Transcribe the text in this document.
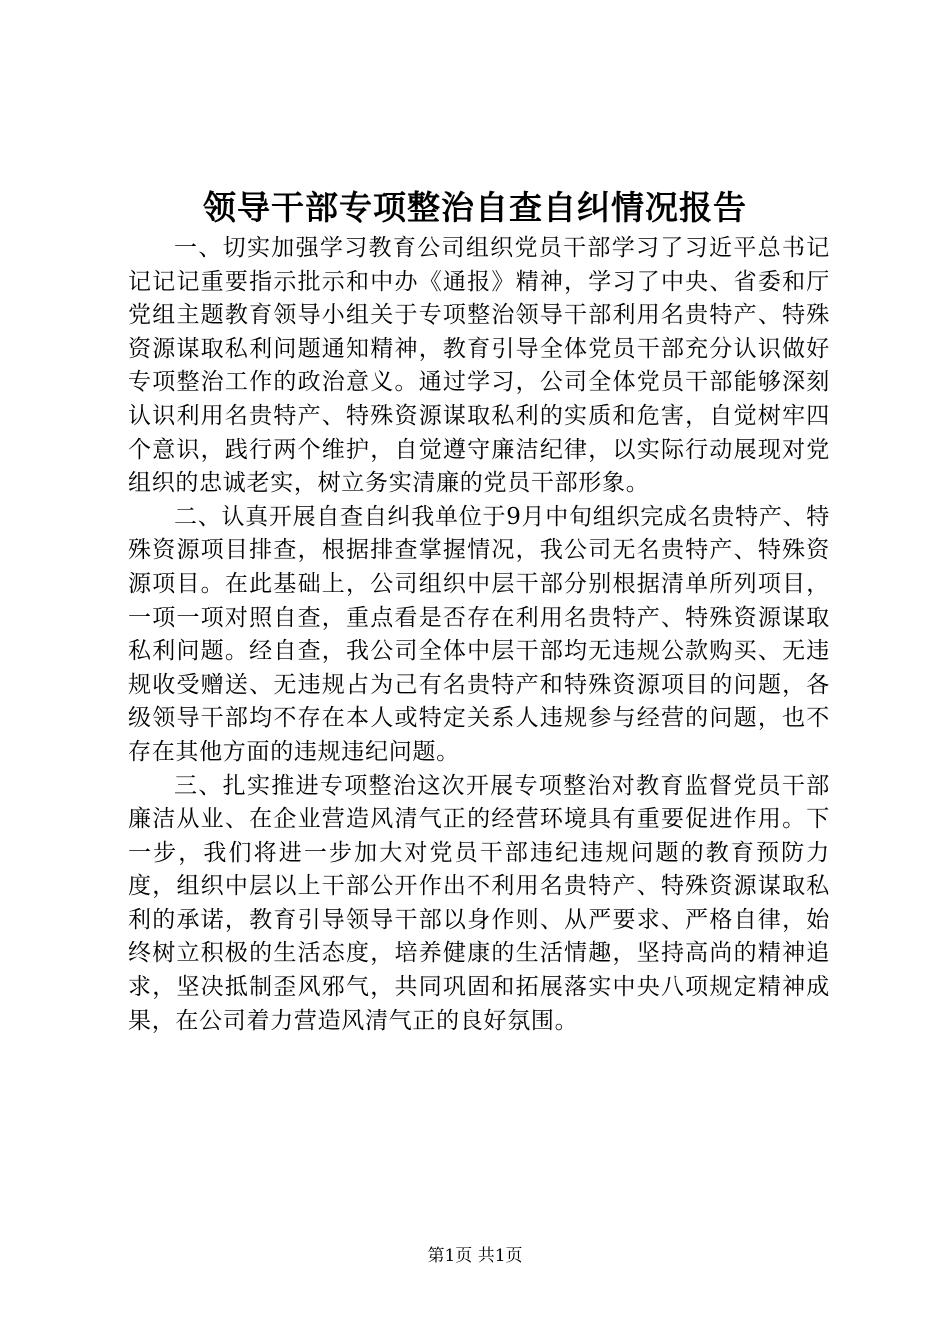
领导干部专项整治自查自纠情况报告

一、切实加强学习教育公司组织党员干部学习了习近平总书记记记记重要指示批示和中办《通报》精神，学习了中央、省委和厅党组主题教育领导小组关于专项整治领导干部利用名贵特产、特殊资源谋取私利问题通知精神，教育引导全体党员干部充分认识做好专项整治工作的政治意义。通过学习，公司全体党员干部能够深刻认识利用名贵特产、特殊资源谋取私利的实质和危害，自觉树牢四个意识，践行两个维护，自觉遵守廉洁纪律，以实际行动展现对党组织的忠诚老实，树立务实清廉的党员干部形象。

二、认真开展自查自纠我单位于9月中旬组织完成名贵特产、特殊资源项目排查，根据排查掌握情况，我公司无名贵特产、特殊资源项目。在此基础上，公司组织中层干部分别根据清单所列项目，一项一项对照自查，重点看是否存在利用名贵特产、特殊资源谋取私利问题。经自查，我公司全体中层干部均无违规公款购买、无违规收受赠送、无违规占为己有名贵特产和特殊资源项目的问题，各级领导干部均不存在本人或特定关系人违规参与经营的问题，也不存在其他方面的违规违纪问题。

三、扎实推进专项整治这次开展专项整治对教育监督党员干部廉洁从业、在企业营造风清气正的经营环境具有重要促进作用。下一步，我们将进一步加大对党员干部违纪违规问题的教育预防力度，组织中层以上干部公开作出不利用名贵特产、特殊资源谋取私利的承诺，教育引导领导干部以身作则、从严要求、严格自律，始终树立积极的生活态度，培养健康的生活情趣，坚持高尚的精神追求，坚决抵制歪风邪气，共同巩固和拓展落实中央八项规定精神成果，在公司着力营造风清气正的良好氛围。

第1页 共1页
